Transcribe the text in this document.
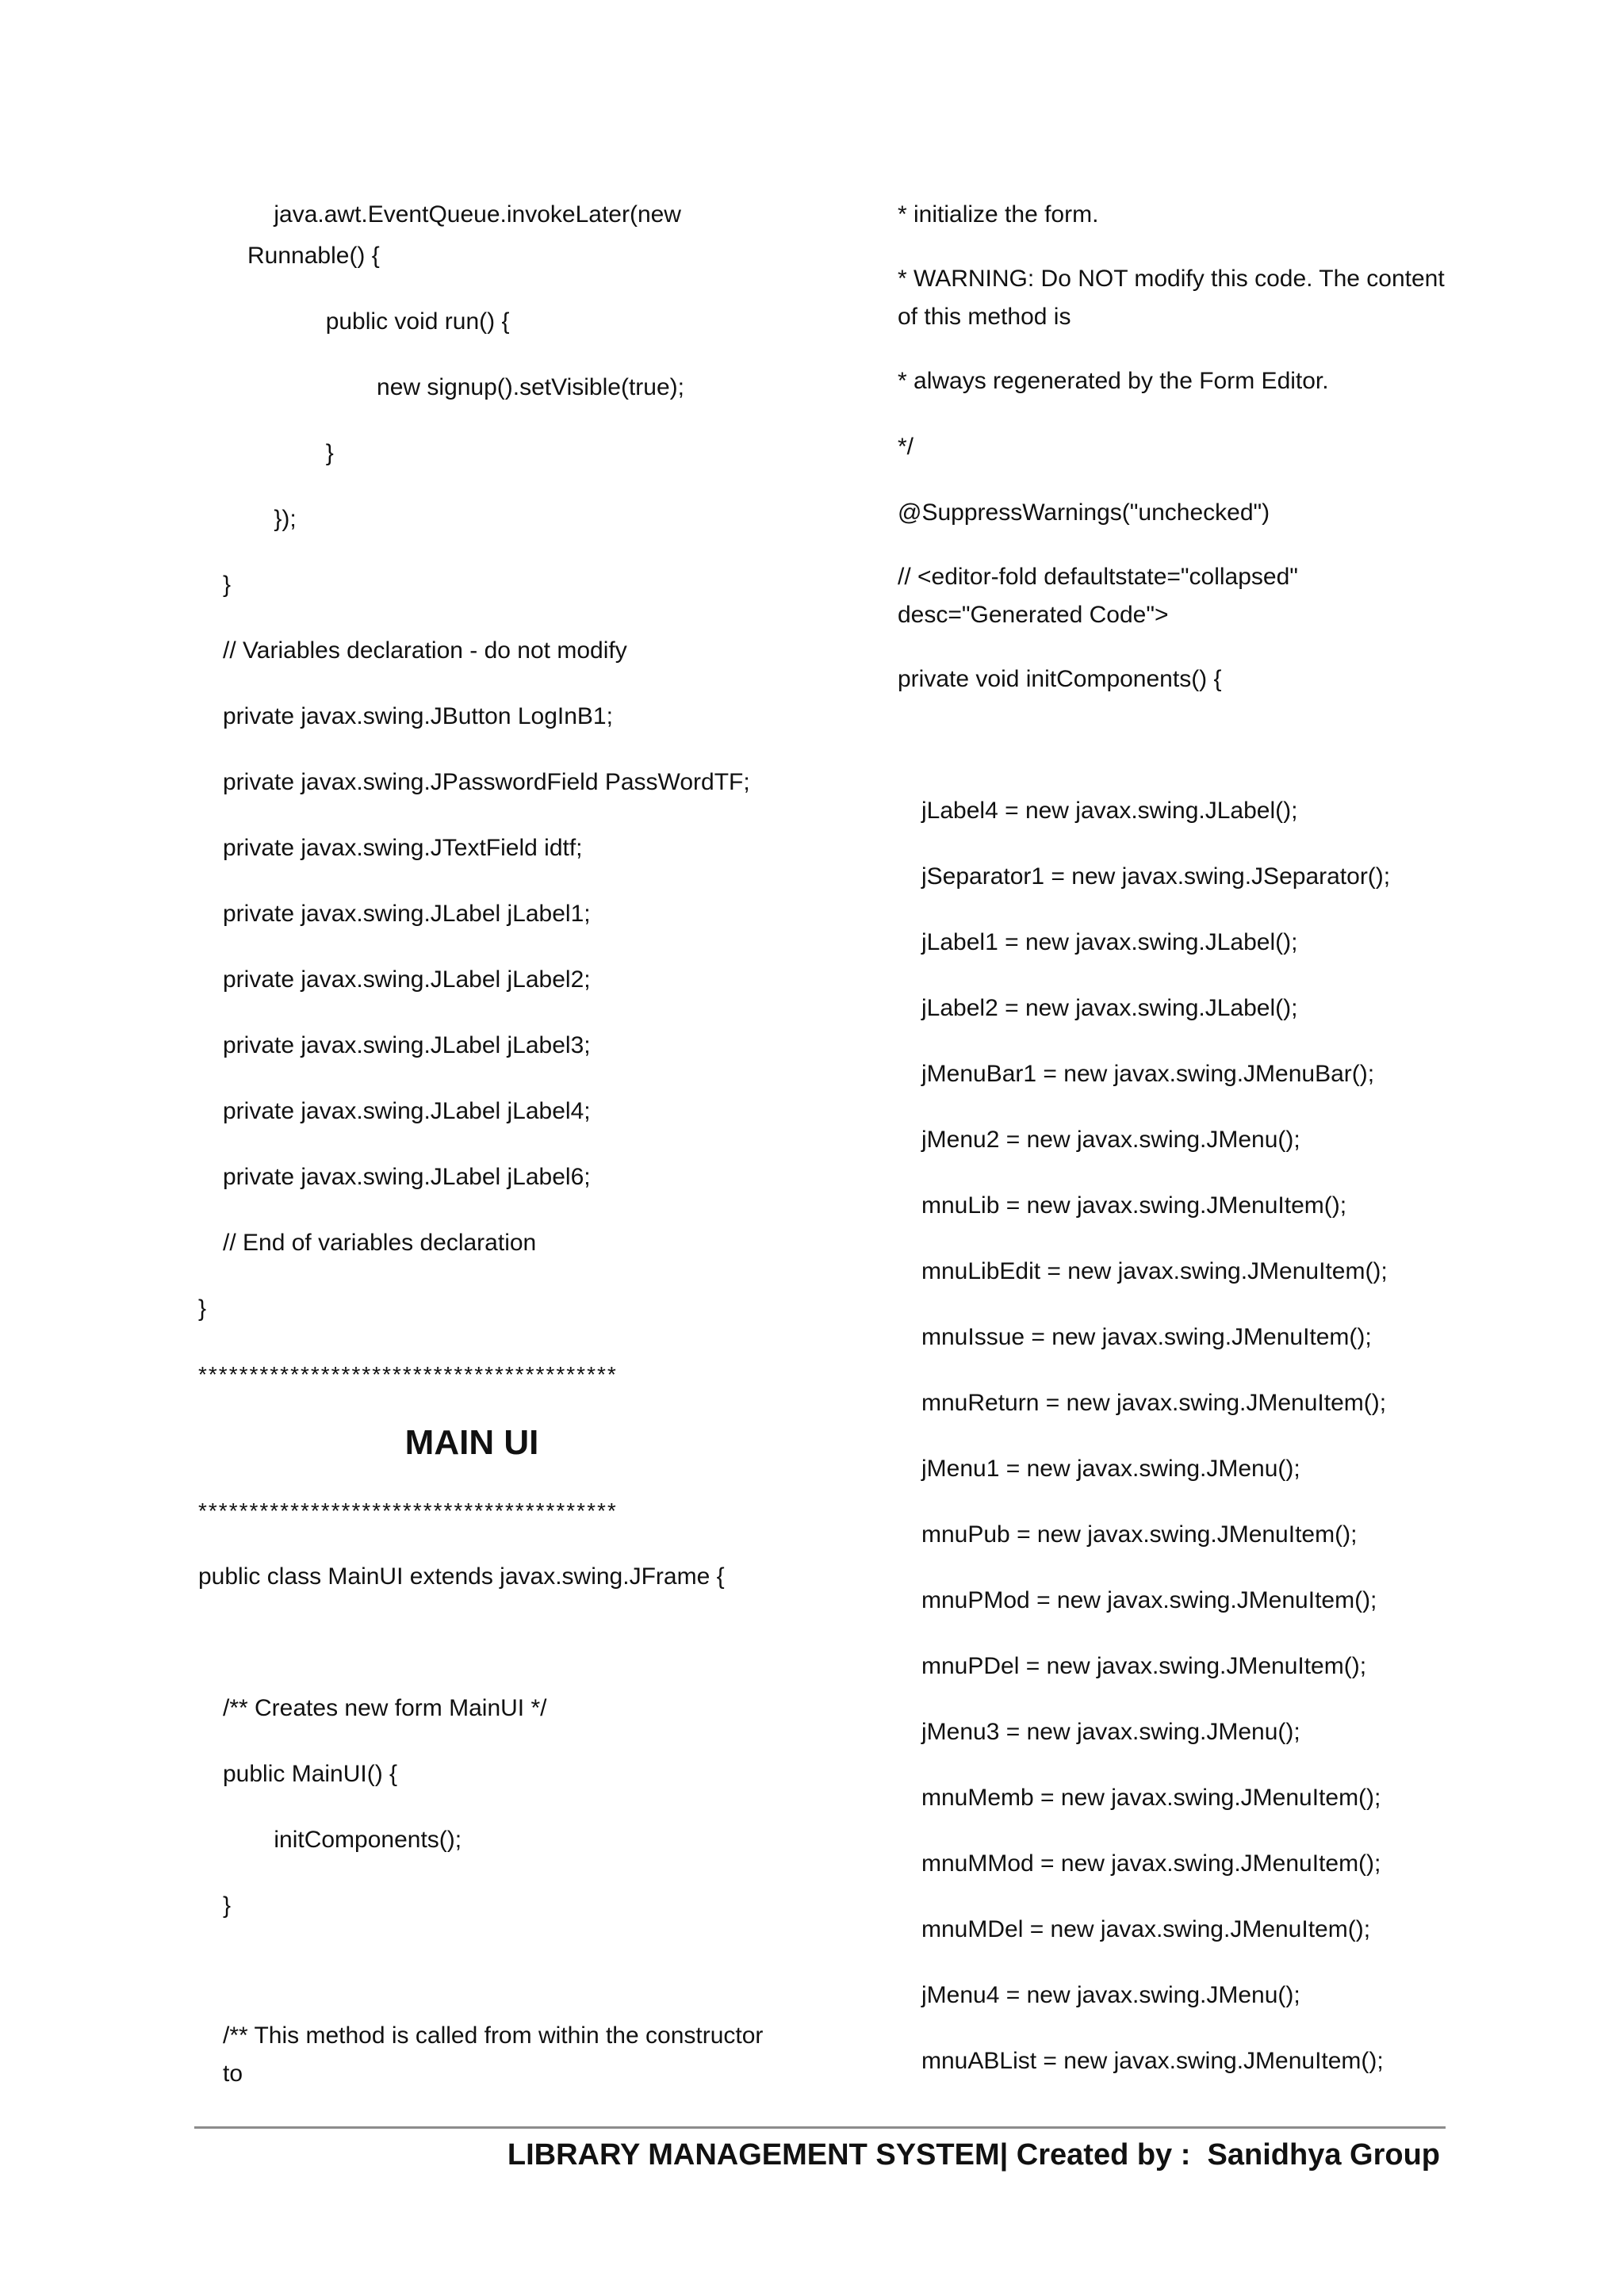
java.awt.EventQueue.invokeLater(new Runnable() {

public void run() {

new signup().setVisible(true);

}

});

}

// Variables declaration - do not modify

private javax.swing.JButton LogInB1;

private javax.swing.JPasswordField PassWordTF;

private javax.swing.JTextField idtf;

private javax.swing.JLabel jLabel1;

private javax.swing.JLabel jLabel2;

private javax.swing.JLabel jLabel3;

private javax.swing.JLabel jLabel4;

private javax.swing.JLabel jLabel6;

// End of variables declaration

}

*****************************************

MAIN UI

*****************************************

public class MainUI extends javax.swing.JFrame {

/** Creates new form MainUI */

public MainUI() {

initComponents();

}

/** This method is called from within the constructor to

* initialize the form.

* WARNING: Do NOT modify this code. The content of this method is

* always regenerated by the Form Editor.

*/

@SuppressWarnings("unchecked")

// <editor-fold defaultstate="collapsed" desc="Generated Code">

private void initComponents() {

jLabel4 = new javax.swing.JLabel();

jSeparator1 = new javax.swing.JSeparator();

jLabel1 = new javax.swing.JLabel();

jLabel2 = new javax.swing.JLabel();

jMenuBar1 = new javax.swing.JMenuBar();

jMenu2 = new javax.swing.JMenu();

mnuLib = new javax.swing.JMenuItem();

mnuLibEdit = new javax.swing.JMenuItem();

mnuIssue = new javax.swing.JMenuItem();

mnuReturn = new javax.swing.JMenuItem();

jMenu1 = new javax.swing.JMenu();

mnuPub = new javax.swing.JMenuItem();

mnuPMod = new javax.swing.JMenuItem();

mnuPDel = new javax.swing.JMenuItem();

jMenu3 = new javax.swing.JMenu();

mnuMemb = new javax.swing.JMenuItem();

mnuMMod = new javax.swing.JMenuItem();

mnuMDel = new javax.swing.JMenuItem();

jMenu4 = new javax.swing.JMenu();

mnuABList = new javax.swing.JMenuItem();

LIBRARY MANAGEMENT SYSTEM| Created by :  Sanidhya Group
